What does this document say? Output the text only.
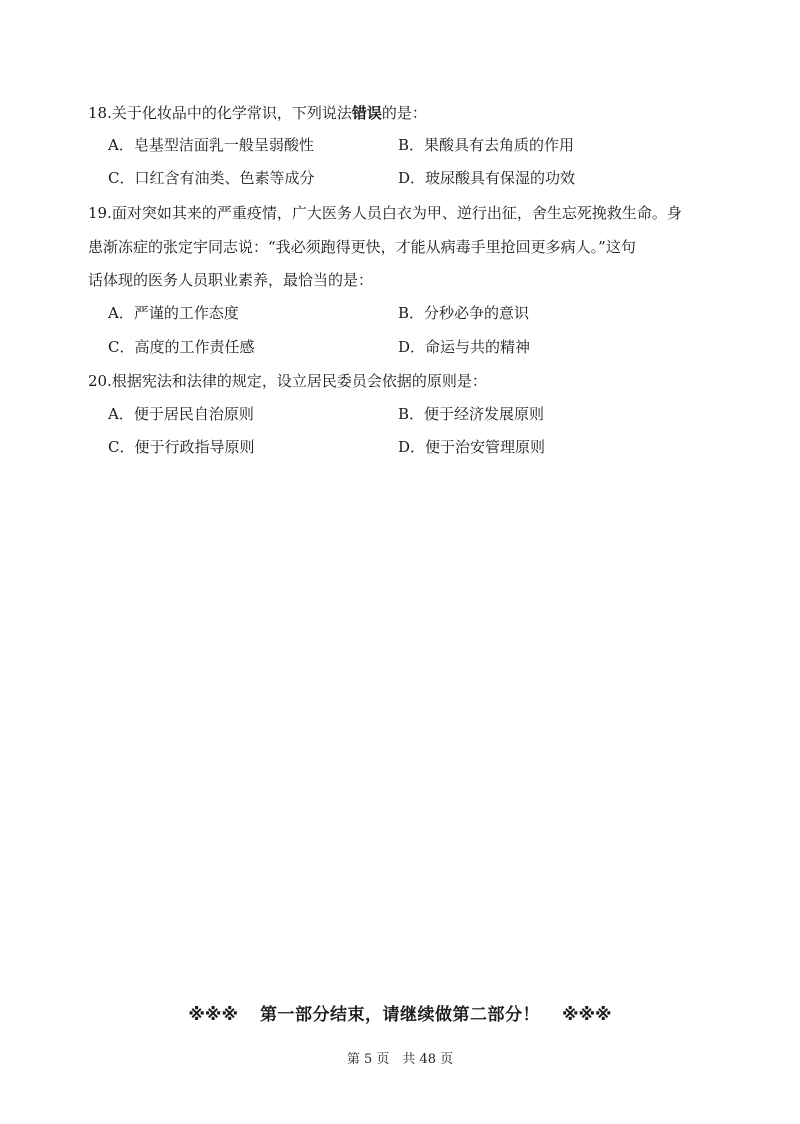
18.关于化妆品中的化学常识，下列说法错误的是：
A．皂基型洁面乳一般呈弱酸性	B．果酸具有去角质的作用
C．口红含有油类、色素等成分	D．玻尿酸具有保湿的功效
19.面对突如其来的严重疫情，广大医务人员白衣为甲、逆行出征，舍生忘死挽救生命。身
患渐冻症的张定宇同志说：“我必须跑得更快，才能从病毒手里抢回更多病人。”这句
话体现的医务人员职业素养，最恰当的是：
A．严谨的工作态度	B．分秒必争的意识
C．高度的工作责任感	D．命运与共的精神
20.根据宪法和法律的规定，设立居民委员会依据的原则是：
A．便于居民自治原则	B．便于经济发展原则
C．便于行政指导原则	D．便于治安管理原则
※※※ 第一部分结束，请继续做第二部分！ ※※※
第 5 页　共 48 页
